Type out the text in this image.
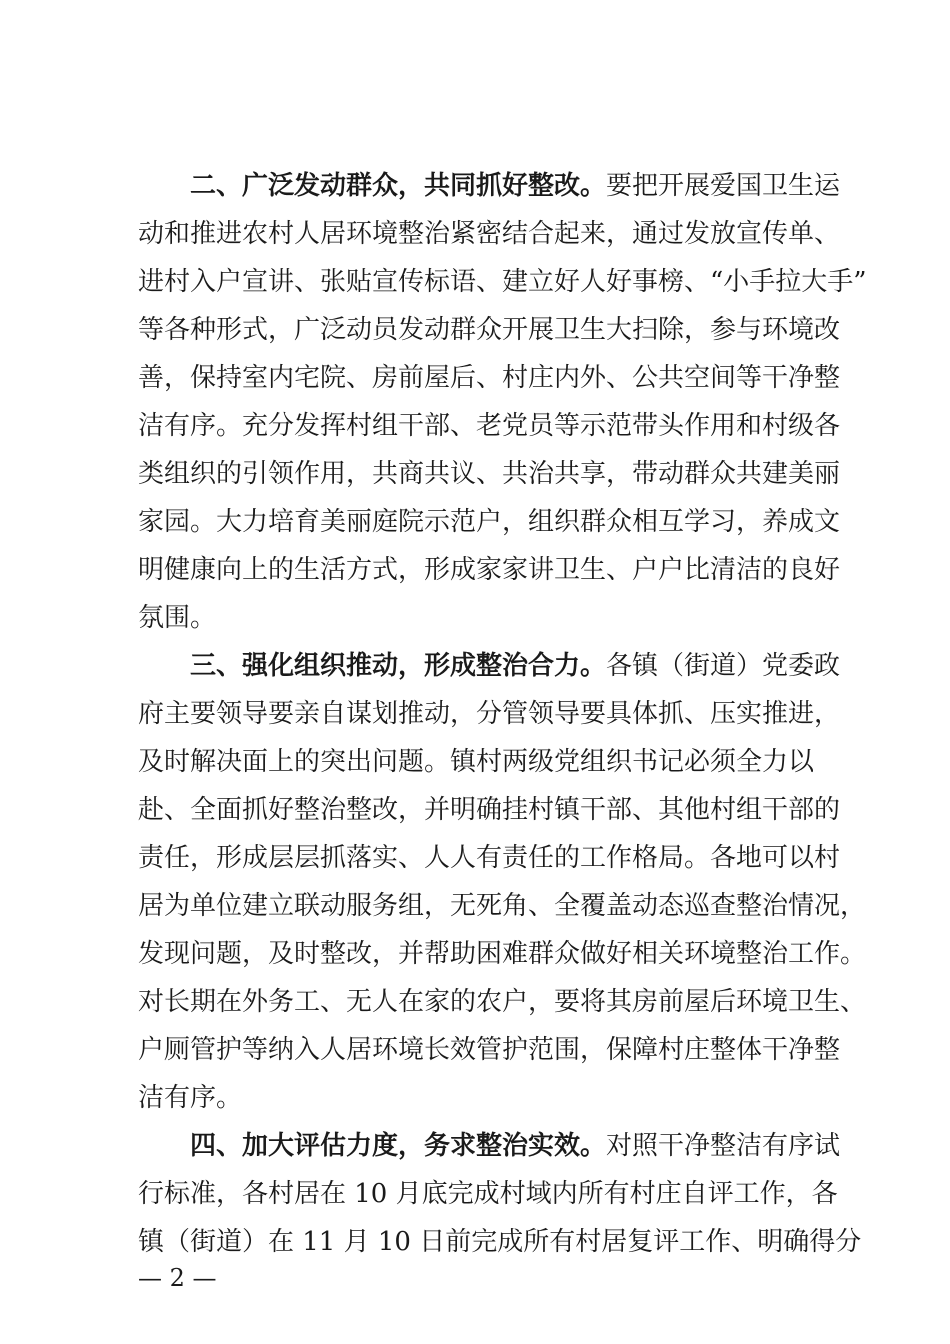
二、广泛发动群众，共同抓好整改。要把开展爱国卫生运
动和推进农村人居环境整治紧密结合起来，通过发放宣传单、
进村入户宣讲、张贴宣传标语、建立好人好事榜、“小手拉大手”
等各种形式，广泛动员发动群众开展卫生大扫除，参与环境改
善，保持室内宅院、房前屋后、村庄内外、公共空间等干净整
洁有序。充分发挥村组干部、老党员等示范带头作用和村级各
类组织的引领作用，共商共议、共治共享，带动群众共建美丽
家园。大力培育美丽庭院示范户，组织群众相互学习，养成文
明健康向上的生活方式，形成家家讲卫生、户户比清洁的良好
氛围。
三、强化组织推动，形成整治合力。各镇（街道）党委政
府主要领导要亲自谋划推动，分管领导要具体抓、压实推进，
及时解决面上的突出问题。镇村两级党组织书记必须全力以
赴、全面抓好整治整改，并明确挂村镇干部、其他村组干部的
责任，形成层层抓落实、人人有责任的工作格局。各地可以村
居为单位建立联动服务组，无死角、全覆盖动态巡查整治情况，
发现问题，及时整改，并帮助困难群众做好相关环境整治工作。
对长期在外务工、无人在家的农户，要将其房前屋后环境卫生、
户厕管护等纳入人居环境长效管护范围，保障村庄整体干净整
洁有序。
四、加大评估力度，务求整治实效。对照干净整洁有序试
行标准，各村居在 10 月底完成村域内所有村庄自评工作，各
镇（街道）在 11 月 10 日前完成所有村居复评工作、明确得分
— 2 —
